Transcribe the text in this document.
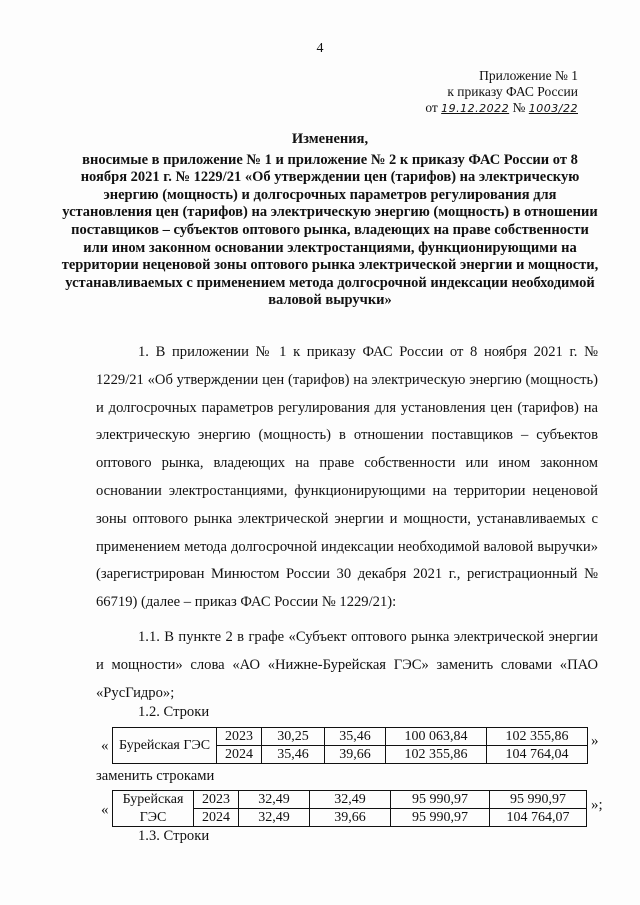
4
Приложение № 1
к приказу ФАС России
от 19.12.2022 № 1003/22
Изменения,
вносимые в приложение № 1 и приложение № 2 к приказу ФАС России от 8 ноября 2021 г. № 1229/21 «Об утверждении цен (тарифов) на электрическую энергию (мощность) и долгосрочных параметров регулирования для установления цен (тарифов) на электрическую энергию (мощность) в отношении поставщиков – субъектов оптового рынка, владеющих на праве собственности или ином законном основании электростанциями, функционирующими на территории неценовой зоны оптового рынка электрической энергии и мощности, устанавливаемых с применением метода долгосрочной индексации необходимой валовой выручки»
1. В приложении № 1 к приказу ФАС России от 8 ноября 2021 г. № 1229/21 «Об утверждении цен (тарифов) на электрическую энергию (мощность) и долгосрочных параметров регулирования для установления цен (тарифов) на электрическую энергию (мощность) в отношении поставщиков – субъектов оптового рынка, владеющих на праве собственности или ином законном основании электростанциями, функционирующими на территории неценовой зоны оптового рынка электрической энергии и мощности, устанавливаемых с применением метода долгосрочной индексации необходимой валовой выручки» (зарегистрирован Минюстом России 30 декабря 2021 г., регистрационный № 66719) (далее – приказ ФАС России № 1229/21):
1.1. В пункте 2 в графе «Субъект оптового рынка электрической энергии и мощности» слова «АО «Нижне-Бурейская ГЭС» заменить словами «ПАО «РусГидро»;
1.2. Строки
« Бурейская ГЭС	2023	30,25	35,46	100 063,84	102 355,86
	2024	35,46	39,66	102 355,86	104 764,04
»
заменить строками
«
Бурейская	2023	32,49	32,49	95 990,97	95 990,97
ГЭС	2024	32,49	39,66	95 990,97	104 764,07
»;
1.3. Строки
